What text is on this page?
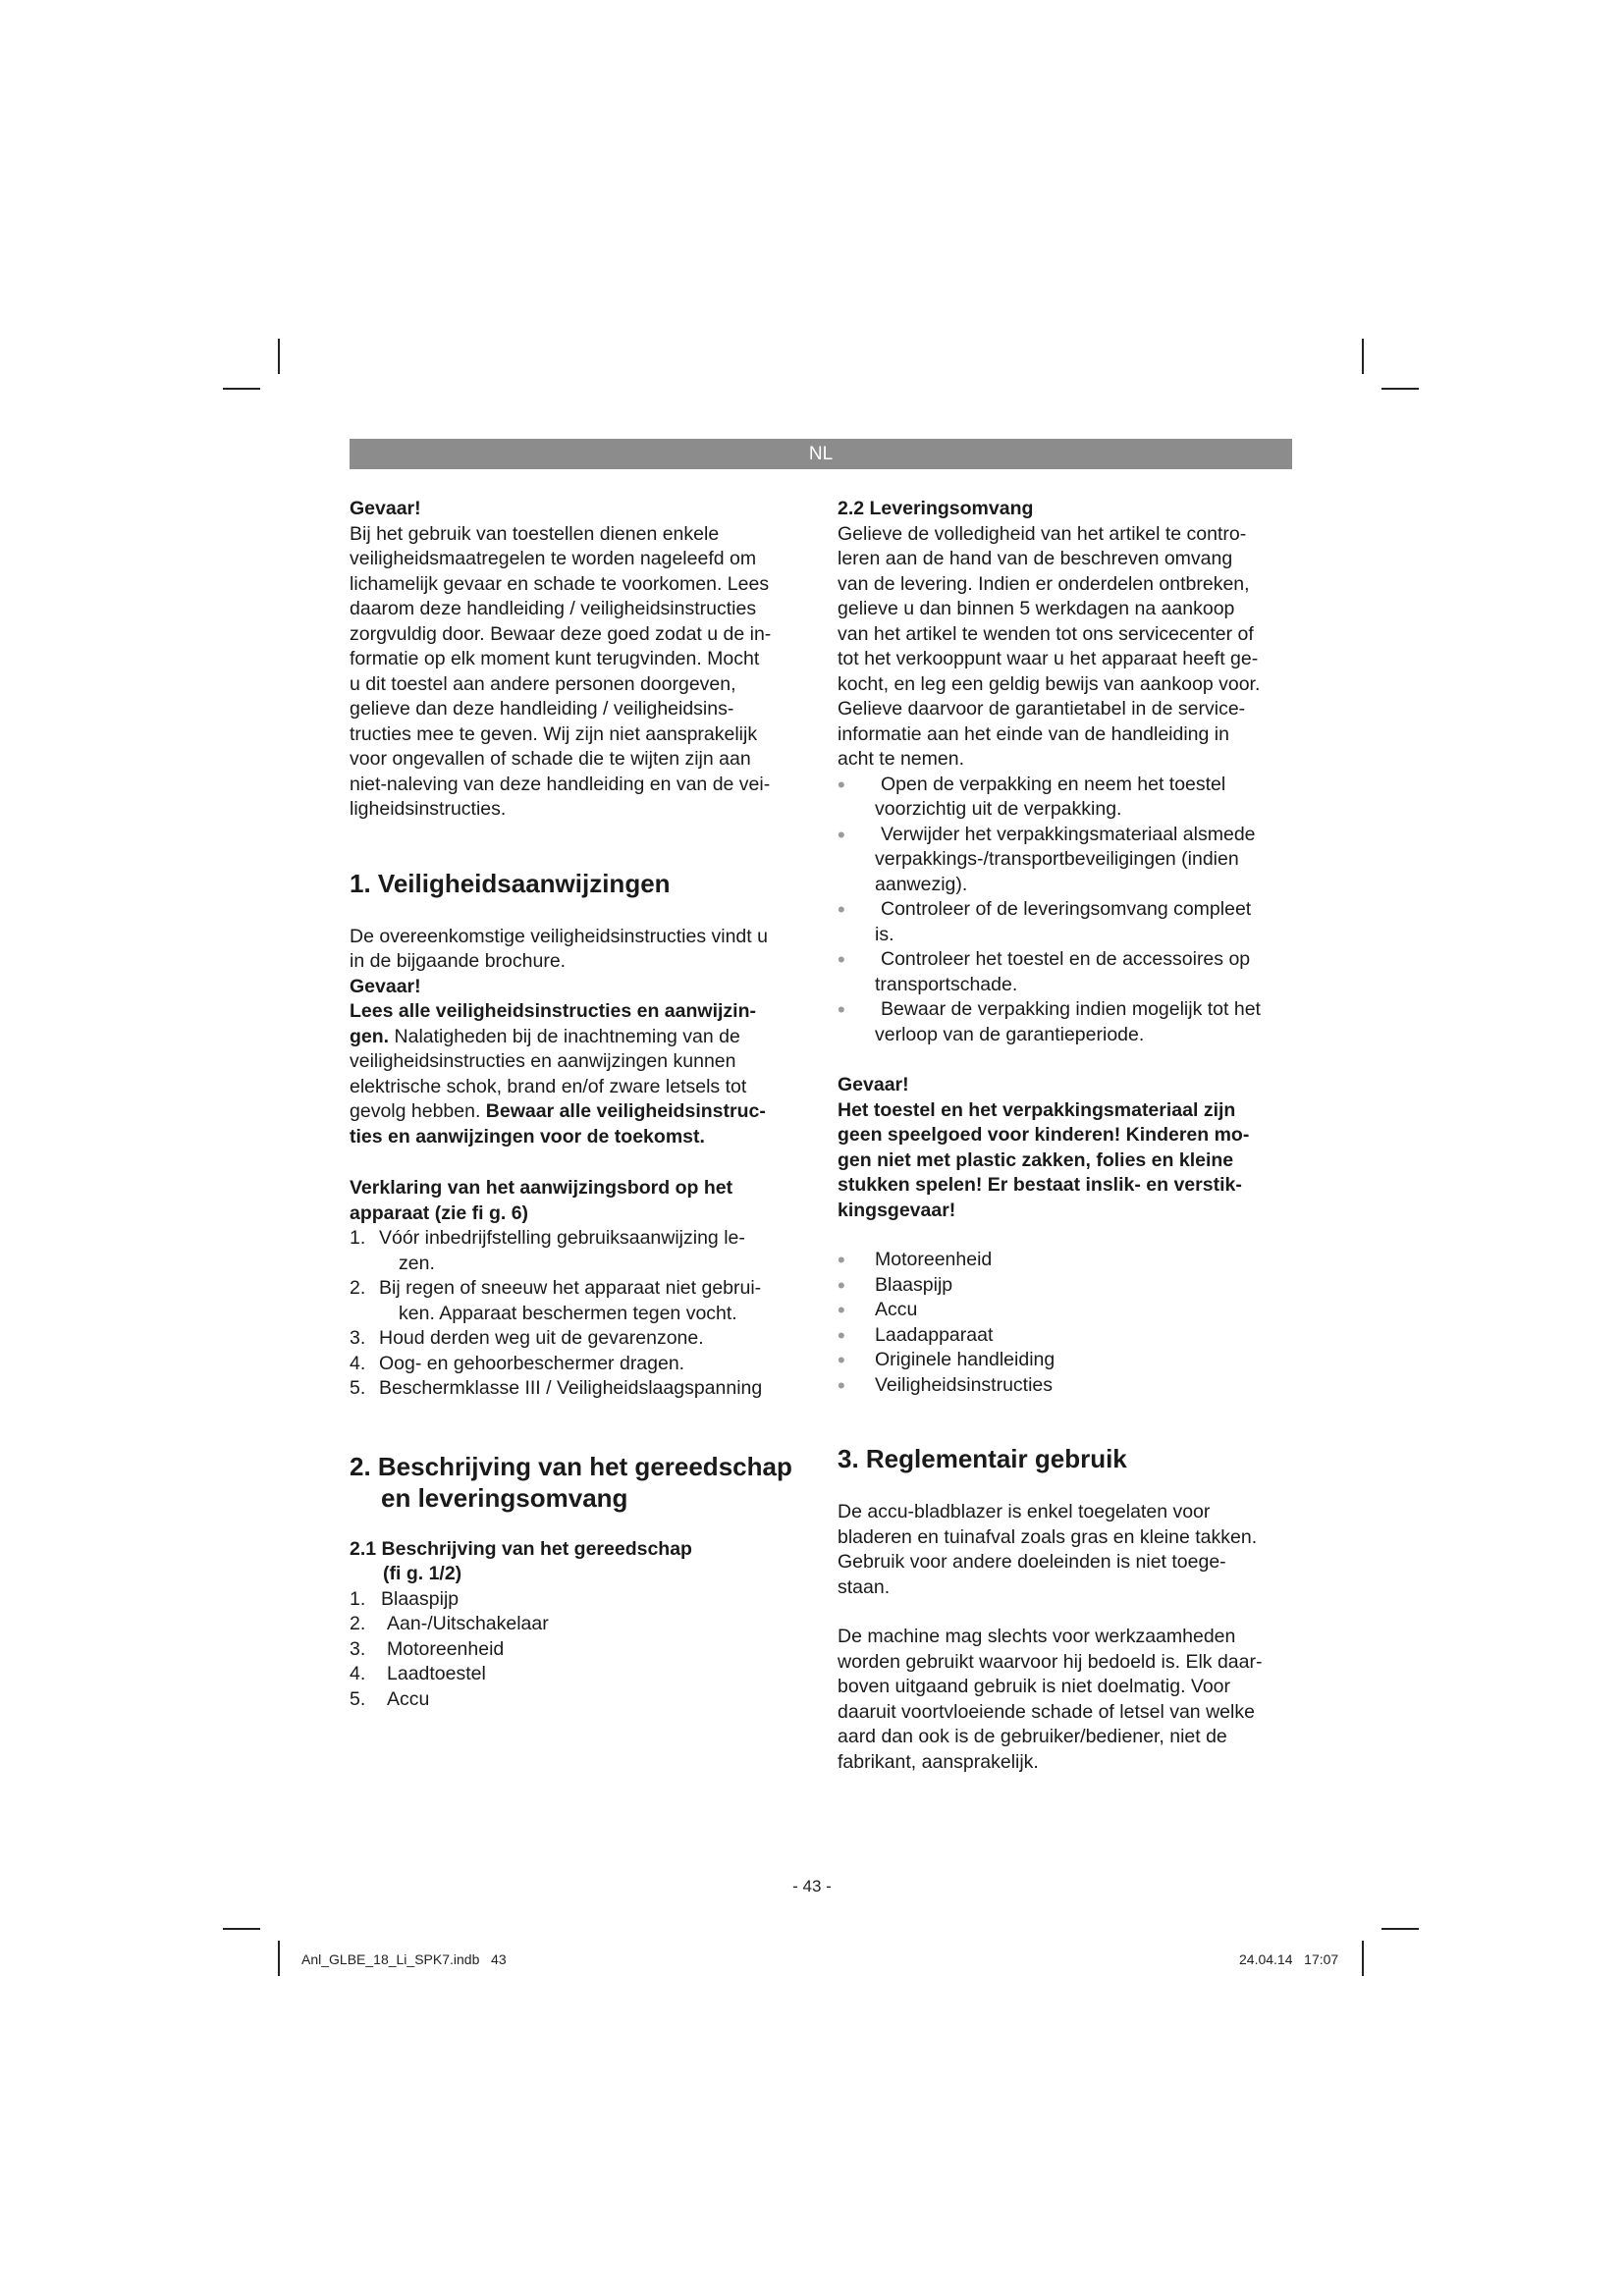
NL

Gevaar!

Bij het gebruik van toestellen dienen enkele

veiligheidsmaatregelen te worden nageleefd om

lichamelijk gevaar en schade te voorkomen. Lees

daarom deze handleiding / veiligheidsinstructies

zorgvuldig door. Bewaar deze goed zodat u de in-

formatie op elk moment kunt terugvinden. Mocht

u dit toestel aan andere personen doorgeven,

gelieve dan deze handleiding / veiligheidsins-

tructies mee te geven. Wij zijn niet aansprakelijk

voor ongevallen of schade die te wijten zijn aan

niet-naleving van deze handleiding en van de vei-

ligheidsinstructies.

1. Veiligheidsaanwijzingen

De overeenkomstige veiligheidsinstructies vindt u

in de bijgaande brochure.

Gevaar!

Lees alle veiligheidsinstructies en aanwijzin-

gen. Nalatigheden bij de inachtneming van de

veiligheidsinstructies en aanwijzingen kunnen

elektrische schok, brand en/of zware letsels tot

gevolg hebben. Bewaar alle veiligheidsinstruc-

ties en aanwijzingen voor de toekomst.

Verklaring van het aanwijzingsbord op het

apparaat (zie fi g. 6)

1. Vóór inbedrijfstelling gebruiksaanwijzing le-

zen.

2. Bij regen of sneeuw het apparaat niet gebrui-

ken. Apparaat beschermen tegen vocht.

3. Houd derden weg uit de gevarenzone.

4. Oog- en gehoorbeschermer dragen.

5. Beschermklasse III / Veiligheidslaagspanning

2. Beschrijving van het gereedschap

en leveringsomvang

2.1 Beschrijving van het gereedschap

(fi g. 1/2)

1. Blaaspijp
2. Aan-/Uitschakelaar
3. Motoreenheid
4. Laadtoestel
5. Accu

2.2 Leveringsomvang

Gelieve de volledigheid van het artikel te contro-

leren aan de hand van de beschreven omvang

van de levering. Indien er onderdelen ontbreken,

gelieve u dan binnen 5 werkdagen na aankoop

van het artikel te wenden tot ons servicecenter of

tot het verkooppunt waar u het apparaat heeft ge-

kocht, en leg een geldig bewijs van aankoop voor.

Gelieve daarvoor de garantietabel in de service-

informatie aan het einde van de handleiding in

acht te nemen.

• Open de verpakking en neem het toestel

voorzichtig uit de verpakking.

• Verwijder het verpakkingsmateriaal alsmede

verpakkings-/transportbeveiligingen (indien

aanwezig).

• Controleer of de leveringsomvang compleet

is.

• Controleer het toestel en de accessoires op

transportschade.

• Bewaar de verpakking indien mogelijk tot het

verloop van de garantieperiode.

Gevaar!

Het toestel en het verpakkingsmateriaal zijn

geen speelgoed voor kinderen! Kinderen mo-

gen niet met plastic zakken, folies en kleine

stukken spelen! Er bestaat inslik- en verstik-

kingsgevaar!

• Motoreenheid

• Blaaspijp

• Accu

• Laadapparaat

• Originele handleiding

• Veiligheidsinstructies

3. Reglementair gebruik

De accu-bladblazer is enkel toegelaten voor

bladeren en tuinafval zoals gras en kleine takken.

Gebruik voor andere doeleinden is niet toege-

staan.

De machine mag slechts voor werkzaamheden

worden gebruikt waarvoor hij bedoeld is. Elk daar-

boven uitgaand gebruik is niet doelmatig. Voor

daaruit voortvloeiende schade of letsel van welke

aard dan ook is de gebruiker/bediener, niet de

fabrikant, aansprakelijk.

- 43 -
Anl_GLBE_18_Li_SPK7.indb   43	24.04.14   17:07
